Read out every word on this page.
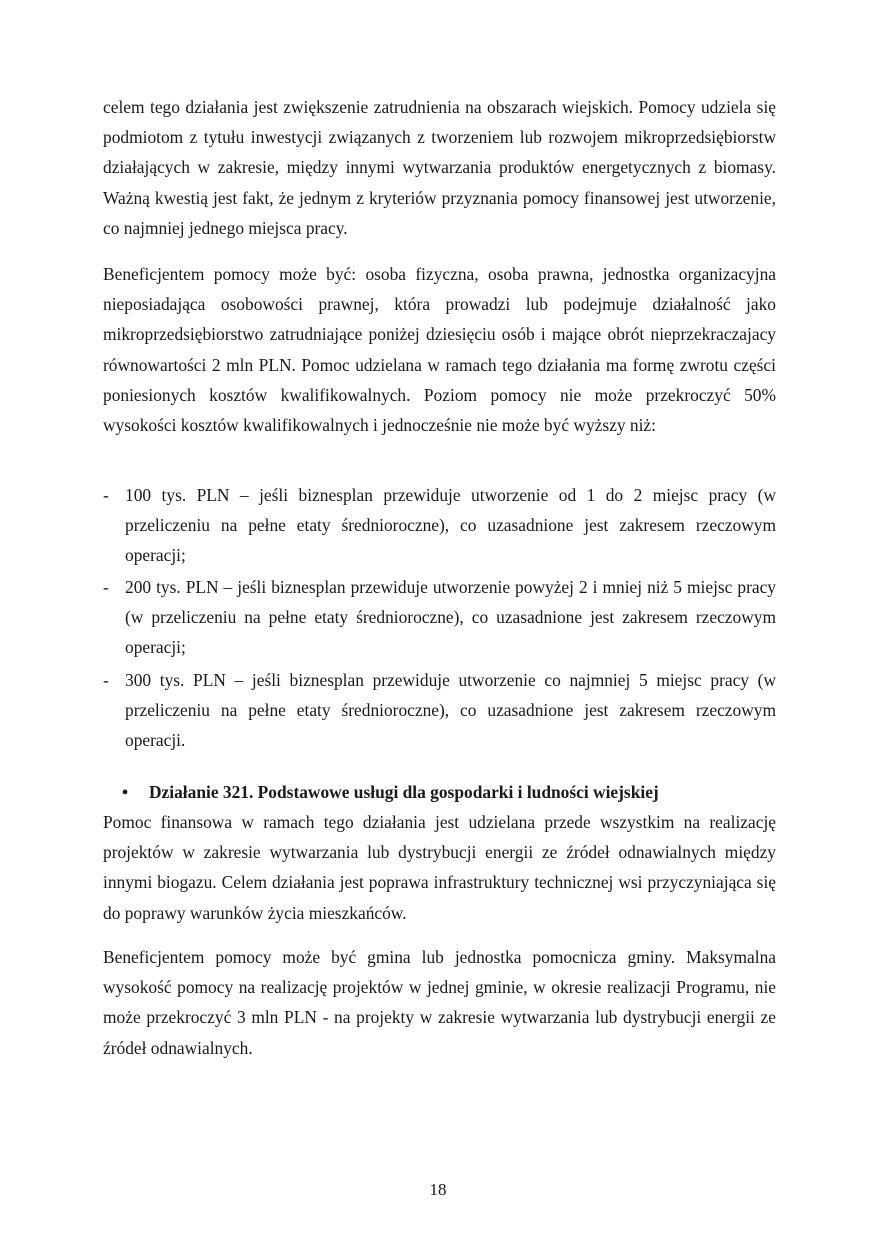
celem tego działania jest zwiększenie zatrudnienia na obszarach wiejskich. Pomocy udziela się podmiotom z tytułu inwestycji związanych z tworzeniem lub rozwojem mikroprzedsiębiorstw działających w zakresie, między innymi wytwarzania produktów energetycznych z biomasy. Ważną kwestią jest fakt, że jednym z kryteriów przyznania pomocy finansowej jest utworzenie, co najmniej jednego miejsca pracy.

Beneficjentem pomocy może być: osoba fizyczna, osoba prawna, jednostka organizacyjna nieposiadająca osobowości prawnej, która prowadzi lub podejmuje działalność jako mikroprzedsiębiorstwo zatrudniające poniżej dziesięciu osób i mające obrót nieprzekraczajacy równowartości 2 mln PLN. Pomoc udzielana w ramach tego działania ma formę zwrotu części poniesionych kosztów kwalifikowalnych. Poziom pomocy nie może przekroczyć 50% wysokości kosztów kwalifikowalnych i jednocześnie nie może być wyższy niż:

- 100 tys. PLN – jeśli biznesplan przewiduje utworzenie od 1 do 2 miejsc pracy (w przeliczeniu na pełne etaty średnioroczne), co uzasadnione jest zakresem rzeczowym operacji;
- 200 tys. PLN – jeśli biznesplan przewiduje utworzenie powyżej 2 i mniej niż 5 miejsc pracy (w przeliczeniu na pełne etaty średnioroczne), co uzasadnione jest zakresem rzeczowym operacji;
- 300 tys. PLN – jeśli biznesplan przewiduje utworzenie co najmniej 5 miejsc pracy (w przeliczeniu na pełne etaty średnioroczne), co uzasadnione jest zakresem rzeczowym operacji.

• Działanie 321. Podstawowe usługi dla gospodarki i ludności wiejskiej

Pomoc finansowa w ramach tego działania jest udzielana przede wszystkim na realizację projektów w zakresie wytwarzania lub dystrybucji energii ze źródeł odnawialnych między innymi biogazu. Celem działania jest poprawa infrastruktury technicznej wsi przyczyniająca się do poprawy warunków życia mieszkańców.

Beneficjentem pomocy może być gmina lub jednostka pomocnicza gminy. Maksymalna wysokość pomocy na realizację projektów w jednej gminie, w okresie realizacji Programu, nie może przekroczyć 3 mln PLN - na projekty w zakresie wytwarzania lub dystrybucji energii ze źródeł odnawialnych.

18
